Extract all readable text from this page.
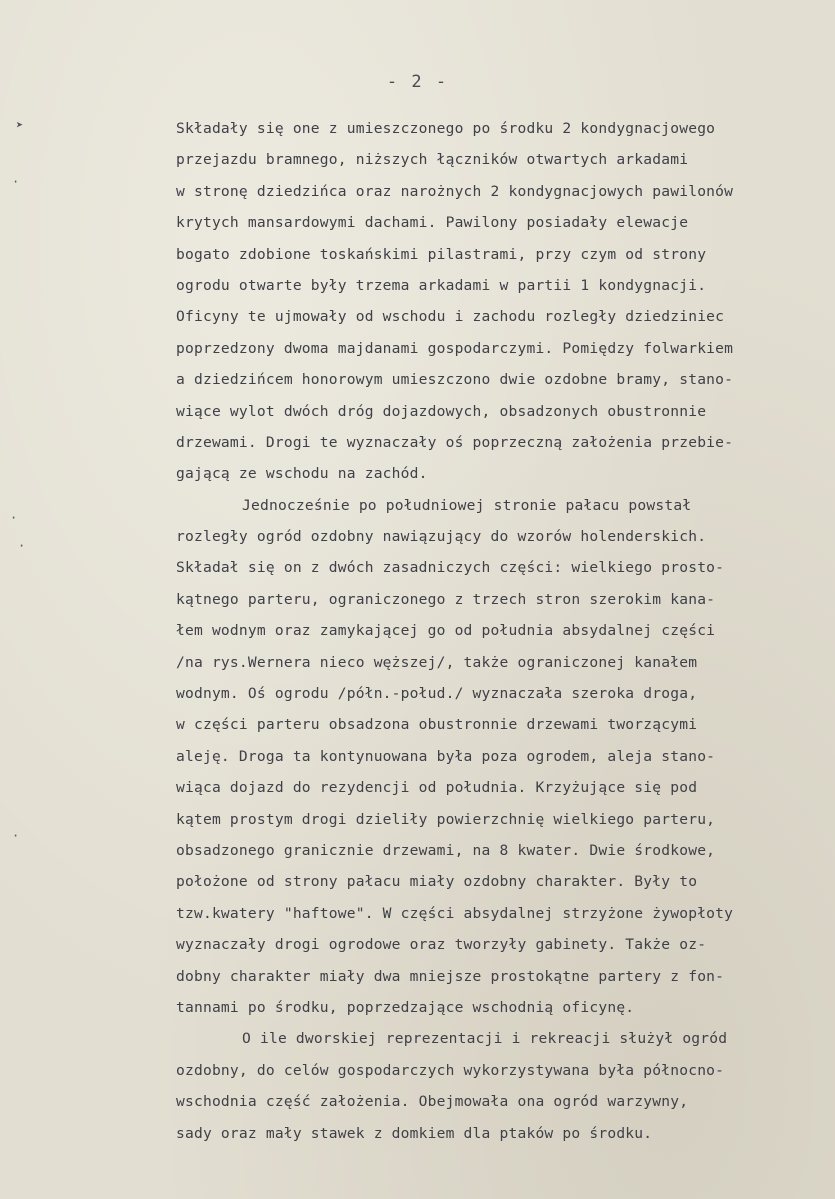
- 2 -
➤
·
·
·
·
Składały się one z umieszczonego po środku 2 kondygnacjowego
przejazdu bramnego, niższych łączników otwartych arkadami
w stronę dziedzińca oraz narożnych 2 kondygnacjowych pawilonów
krytych mansardowymi dachami. Pawilony posiadały elewacje
bogato zdobione toskańskimi pilastrami, przy czym od strony
ogrodu otwarte były trzema arkadami w partii 1 kondygnacji.
Oficyny te ujmowały od wschodu i zachodu rozległy dziedziniec
poprzedzony dwoma majdanami gospodarczymi. Pomiędzy folwarkiem
a dziedzińcem honorowym umieszczono dwie ozdobne bramy, stano-
wiące wylot dwóch dróg dojazdowych, obsadzonych obustronnie
drzewami. Drogi te wyznaczały oś poprzeczną założenia przebie-
gającą ze wschodu na zachód.
Jednocześnie po południowej stronie pałacu powstał
rozległy ogród ozdobny nawiązujący do wzorów holenderskich.
Składał się on z dwóch zasadniczych części: wielkiego prosto-
kątnego parteru, ograniczonego z trzech stron szerokim kana-
łem wodnym oraz zamykającej go od południa absydalnej części
/na rys.Wernera nieco węższej/, także ograniczonej kanałem
wodnym. Oś ogrodu /półn.-połud./ wyznaczała szeroka droga,
w części parteru obsadzona obustronnie drzewami tworzącymi
aleję. Droga ta kontynuowana była poza ogrodem, aleja stano-
wiąca dojazd do rezydencji od południa. Krzyżujące się pod
kątem prostym drogi dzieliły powierzchnię wielkiego parteru,
obsadzonego granicznie drzewami, na 8 kwater. Dwie środkowe,
położone od strony pałacu miały ozdobny charakter. Były to
tzw.kwatery "haftowe". W części absydalnej strzyżone żywopłoty
wyznaczały drogi ogrodowe oraz tworzyły gabinety. Także oz-
dobny charakter miały dwa mniejsze prostokątne partery z fon-
tannami po środku, poprzedzające wschodnią oficynę.
O ile dworskiej reprezentacji i rekreacji służył ogród
ozdobny, do celów gospodarczych wykorzystywana była północno-
wschodnia część założenia. Obejmowała ona ogród warzywny,
sady oraz mały stawek z domkiem dla ptaków po środku.
